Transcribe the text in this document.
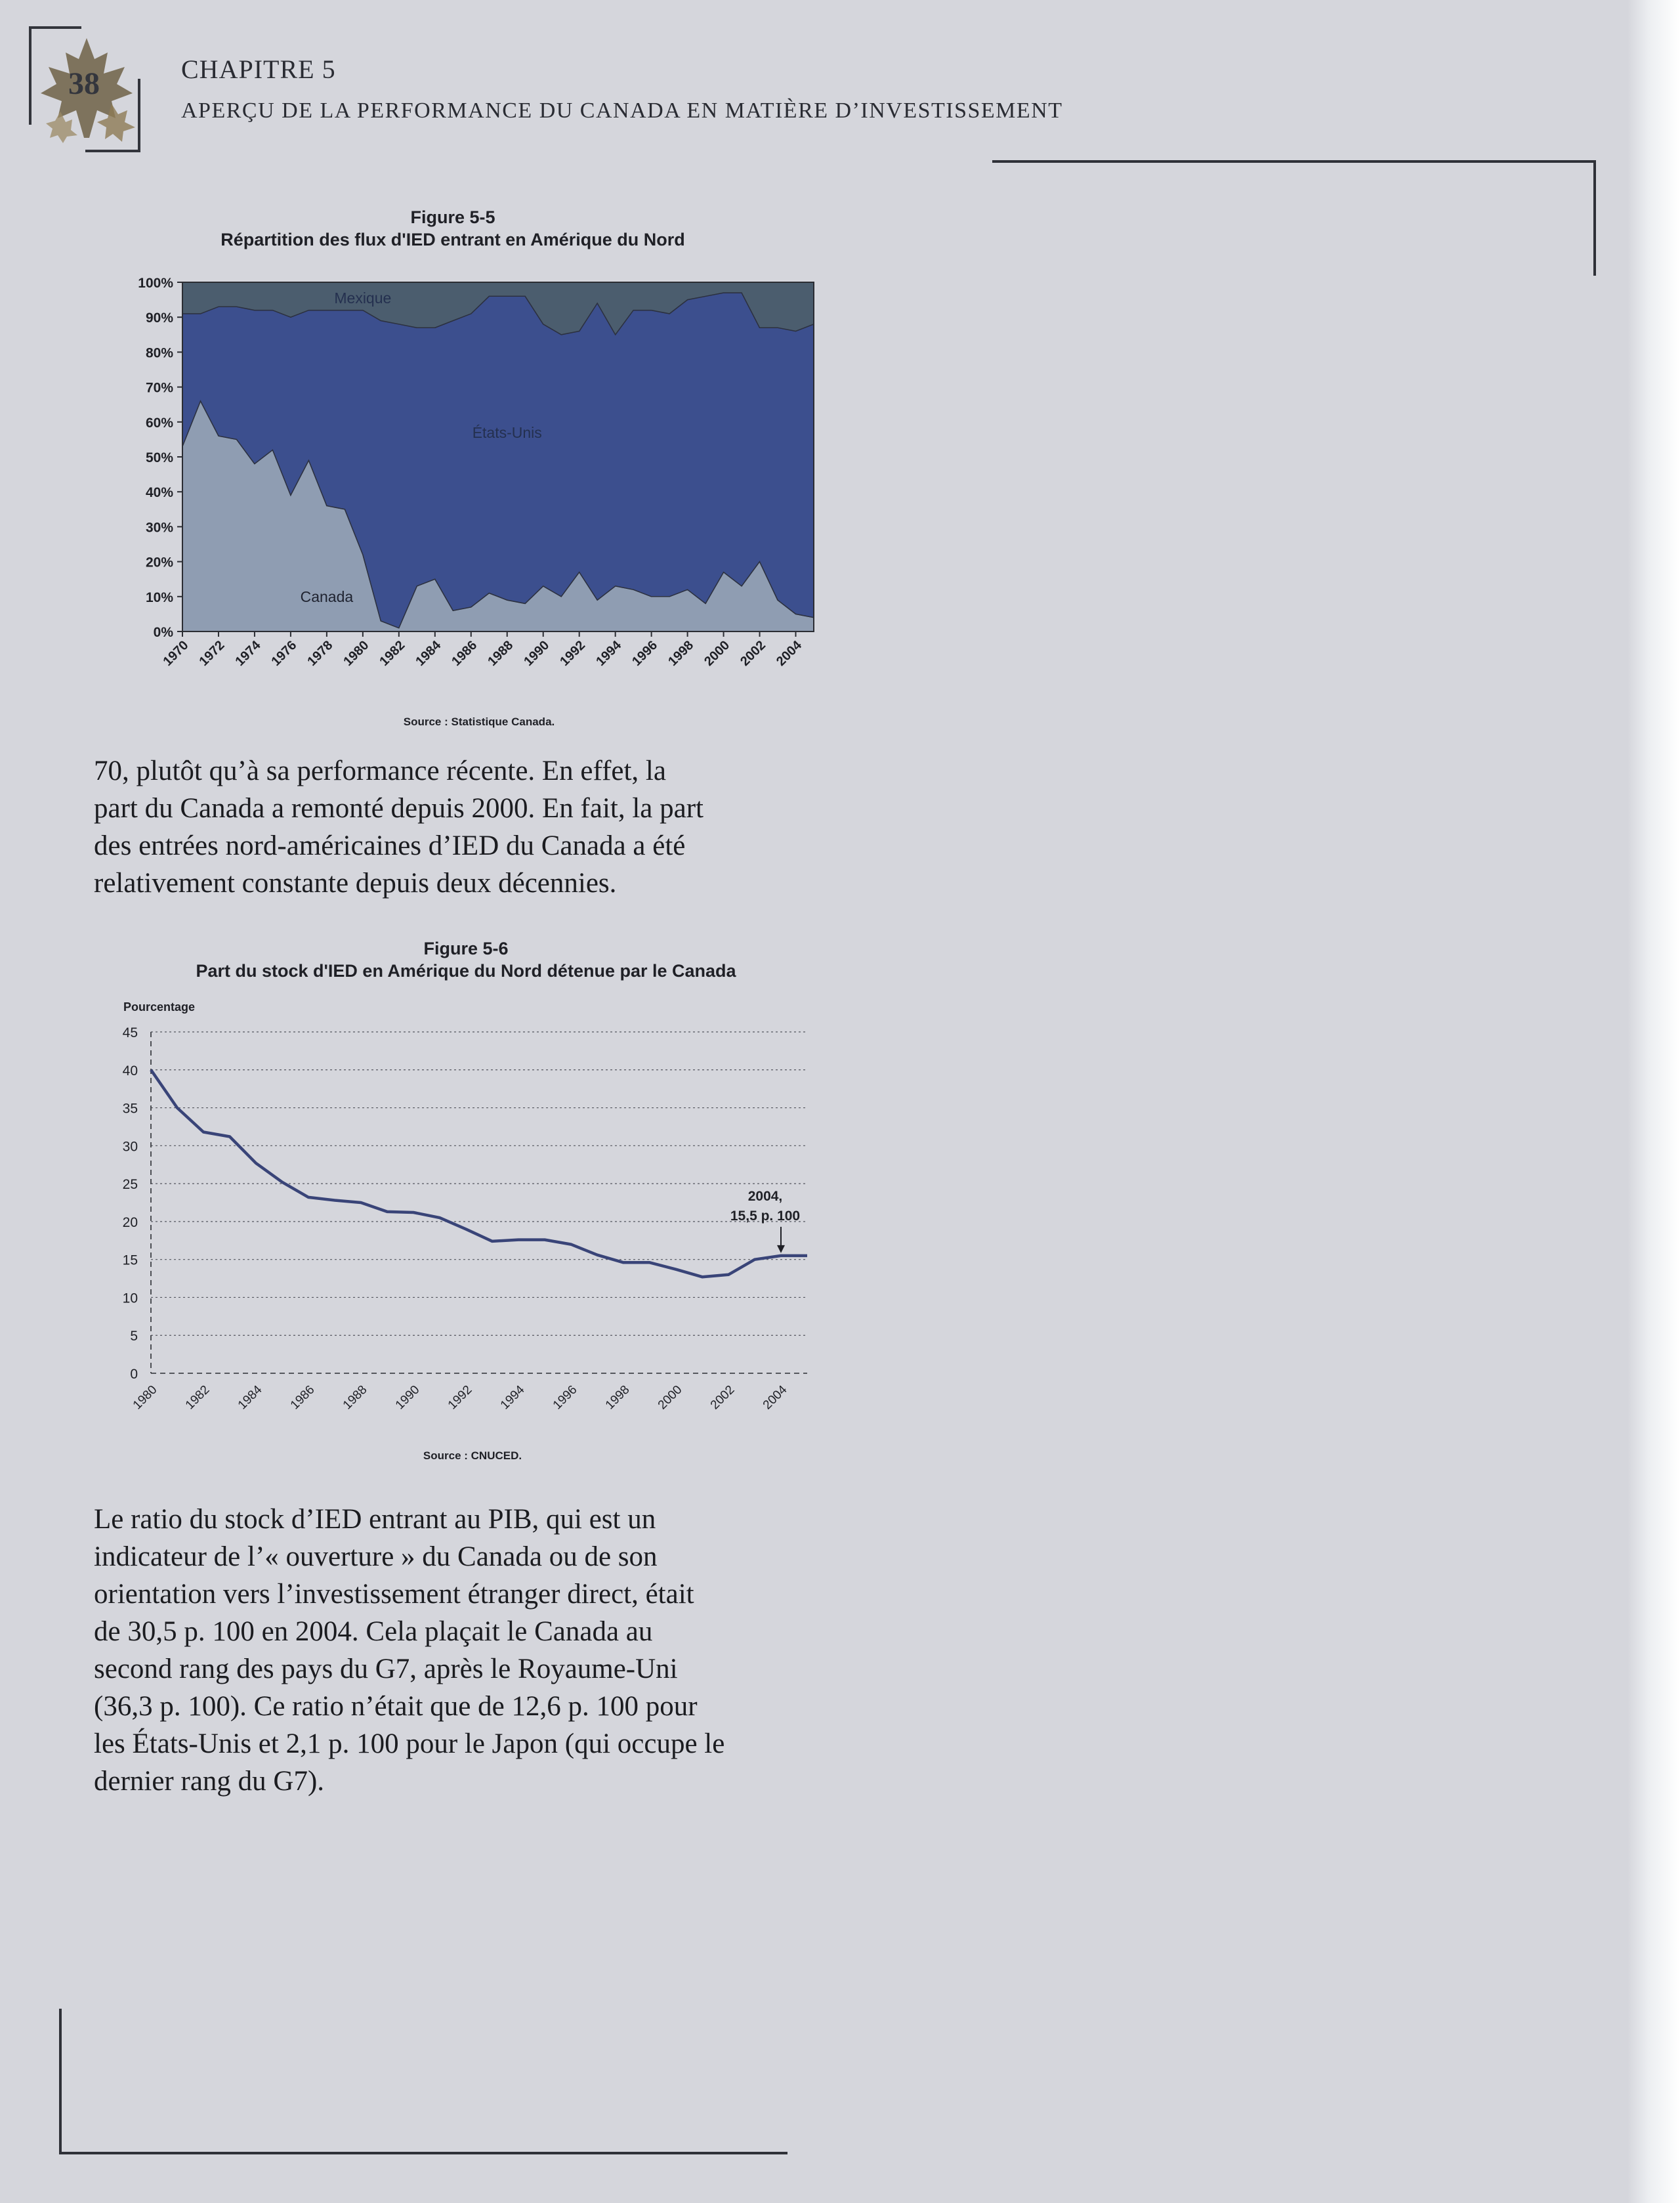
38	CHAPITRE 5
APERÇU DE LA PERFORMANCE DU CANADA EN MATIÈRE D’INVESTISSEMENT
Figure 5-5
Répartition des flux d'IED entrant en Amérique du Nord
Canada
États-Unis
Mexique
0%
10%
20%
30%
40%
50%
60%
70%
80%
90%
100%
1970 1972 1974 1976 1978 1980 1982 1984 1986 1988 1990 1992 1994 1996 1998 2000 2002 2004
Source : Statistique Canada.
70, plutôt qu’à sa performance récente. En effet, la
part du Canada a remonté depuis 2000. En fait, la part
des entrées nord-américaines d’IED du Canada a été
relativement constante depuis deux décennies.
Figure 5-6
Part du stock d'IED en Amérique du Nord détenue par le Canada
Pourcentage
0
5
10
15
20
25
30
35
40
45
1980 1982 1984 1986 1988 1990 1992 1994 1996 1998 2000 2002 2004
2004,
15,5 p. 100
Source : CNUCED.
Le ratio du stock d’IED entrant au PIB, qui est un
indicateur de l’« ouverture » du Canada ou de son
orientation vers l’investissement étranger direct, était
de 30,5 p. 100 en 2004. Cela plaçait le Canada au
second rang des pays du G7, après le Royaume-Uni
(36,3 p. 100). Ce ratio n’était que de 12,6 p. 100 pour
les États-Unis et 2,1 p. 100 pour le Japon (qui occupe le
dernier rang du G7).
